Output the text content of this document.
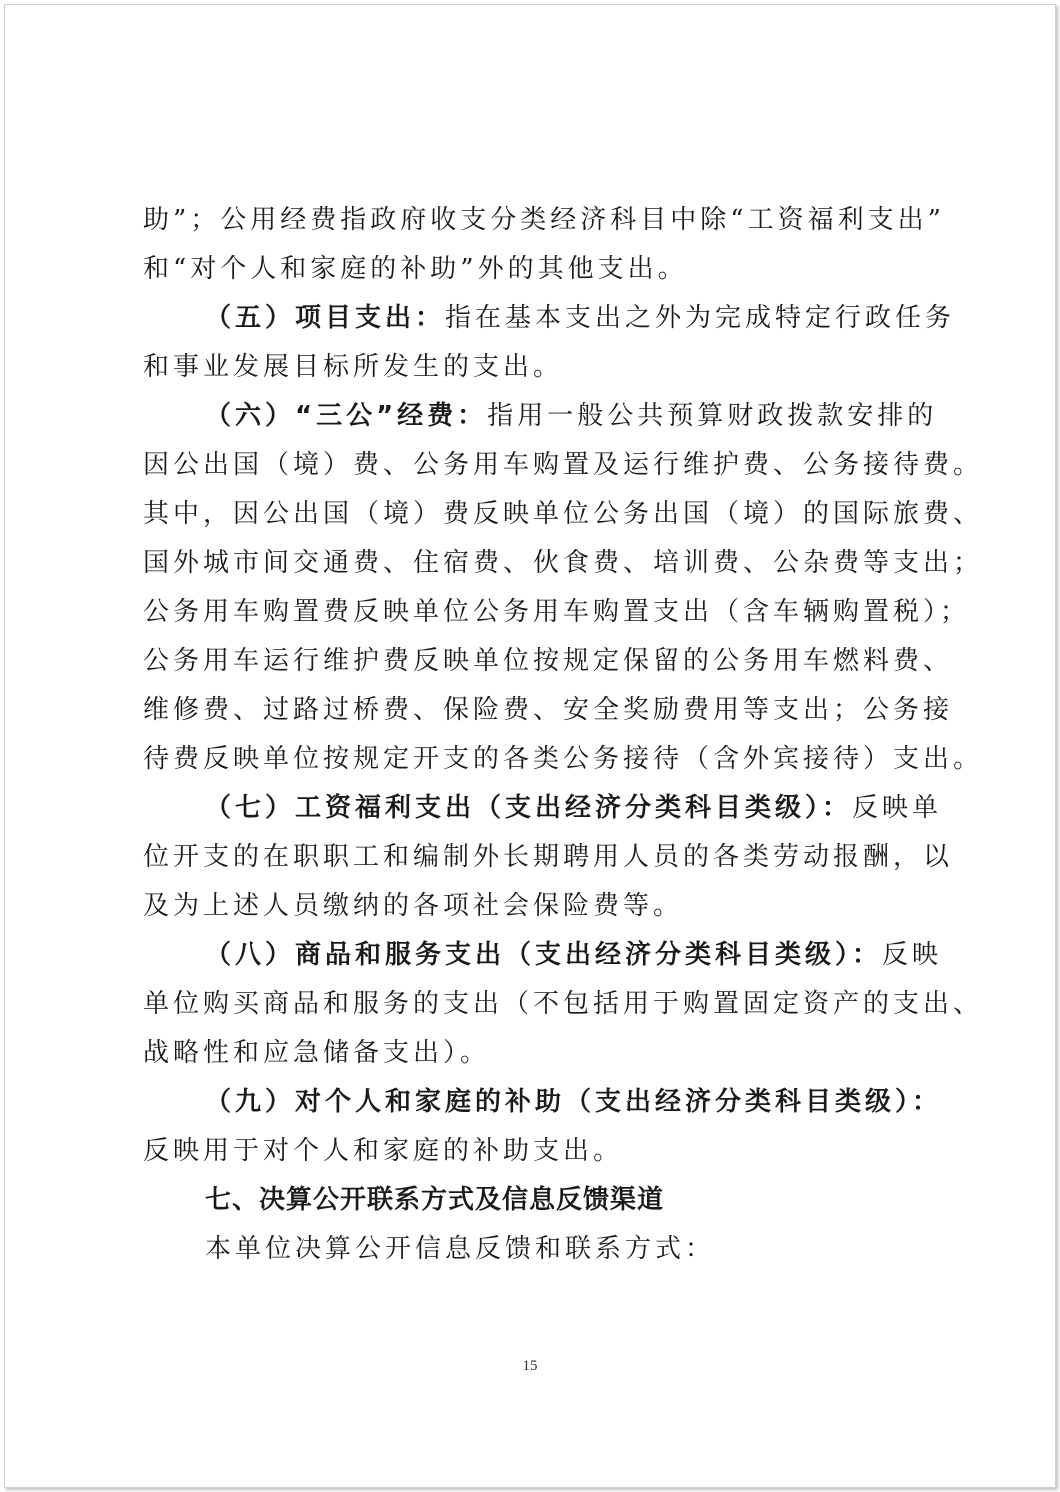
助”；公用经费指政府收支分类经济科目中除“工资福利支出”
和“对个人和家庭的补助”外的其他支出。
（五）项目支出：指在基本支出之外为完成特定行政任务
和事业发展目标所发生的支出。
（六）“三公”经费：指用一般公共预算财政拨款安排的
因公出国（境）费、公务用车购置及运行维护费、公务接待费。
其中，因公出国（境）费反映单位公务出国（境）的国际旅费、
国外城市间交通费、住宿费、伙食费、培训费、公杂费等支出；
公务用车购置费反映单位公务用车购置支出（含车辆购置税）；
公务用车运行维护费反映单位按规定保留的公务用车燃料费、
维修费、过路过桥费、保险费、安全奖励费用等支出；公务接
待费反映单位按规定开支的各类公务接待（含外宾接待）支出。
（七）工资福利支出（支出经济分类科目类级）：反映单
位开支的在职职工和编制外长期聘用人员的各类劳动报酬，以
及为上述人员缴纳的各项社会保险费等。
（八）商品和服务支出（支出经济分类科目类级）：反映
单位购买商品和服务的支出（不包括用于购置固定资产的支出、
战略性和应急储备支出）。
（九）对个人和家庭的补助（支出经济分类科目类级）：
反映用于对个人和家庭的补助支出。
七、决算公开联系方式及信息反馈渠道
本单位决算公开信息反馈和联系方式：
15
